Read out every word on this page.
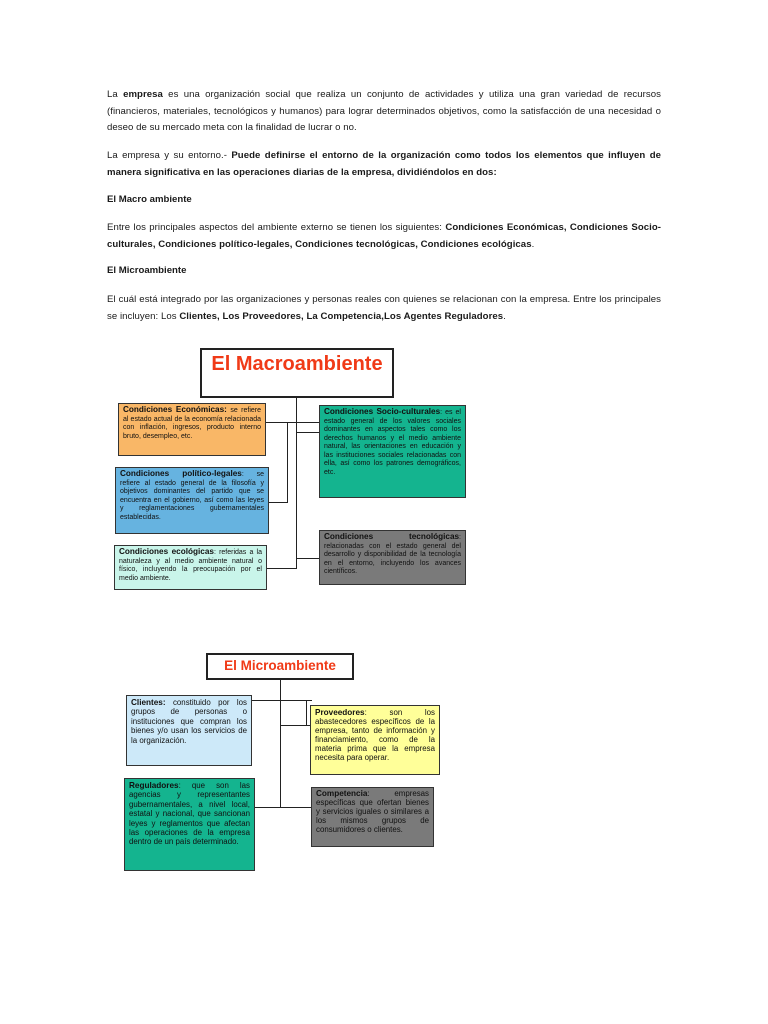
La empresa es una organización social que realiza un conjunto de actividades y utiliza una gran variedad de recursos (financieros, materiales, tecnológicos y humanos) para lograr determinados objetivos, como la satisfacción de una necesidad o deseo de su mercado meta con la finalidad de lucrar o no.
La empresa y su entorno.- Puede definirse el entorno de la organización como todos los elementos que influyen de manera significativa en las operaciones diarias de la empresa, dividiéndolos en dos:
El Macro ambiente
Entre los principales aspectos del ambiente externo se tienen los siguientes: Condiciones Económicas, Condiciones Socio-culturales, Condiciones político-legales, Condiciones tecnológicas, Condiciones ecológicas.
El Microambiente
El cuál está integrado por las organizaciones y personas reales con quienes se relacionan con la empresa. Entre los principales se incluyen: Los Clientes, Los Proveedores, La Competencia,Los Agentes Reguladores.
El Macroambiente
Condiciones Económicas: se refiere al estado actual de la economía relacionada con inflación, ingresos, producto interno bruto, desempleo, etc.
Condiciones Socio-culturales: es el estado general de los valores sociales dominantes en aspectos tales como los derechos humanos y el medio ambiente natural, las orientaciones en educación y las instituciones sociales relacionadas con ella, así como los patrones demográficos, etc.
Condiciones político-legales: se refiere al estado general de la filosofía y objetivos dominantes del partido que se encuentra en el gobierno, así como las leyes y reglamentaciones gubernamentales establecidas.
Condiciones tecnológicas: relacionadas con el estado general del desarrollo y disponibilidad de la tecnología en el entorno, incluyendo los avances científicos.
Condiciones ecológicas: referidas a la naturaleza y al medio ambiente natural o físico, incluyendo la preocupación por el medio ambiente.
El Microambiente
Clientes: constituido por los grupos de personas o instituciones que compran los bienes y/o usan los servicios de la organización.
Proveedores: son los abastecedores específicos de la empresa, tanto de información y financiamiento, como de la materia prima que la empresa necesita para operar.
Reguladores: que son las agencias y representantes gubernamentales, a nivel local, estatal y nacional, que sancionan leyes y reglamentos que afectan las operaciones de la empresa dentro de un país determinado.
Competencia: empresas específicas que ofertan bienes y servicios iguales o similares a los mismos grupos de consumidores o clientes.
